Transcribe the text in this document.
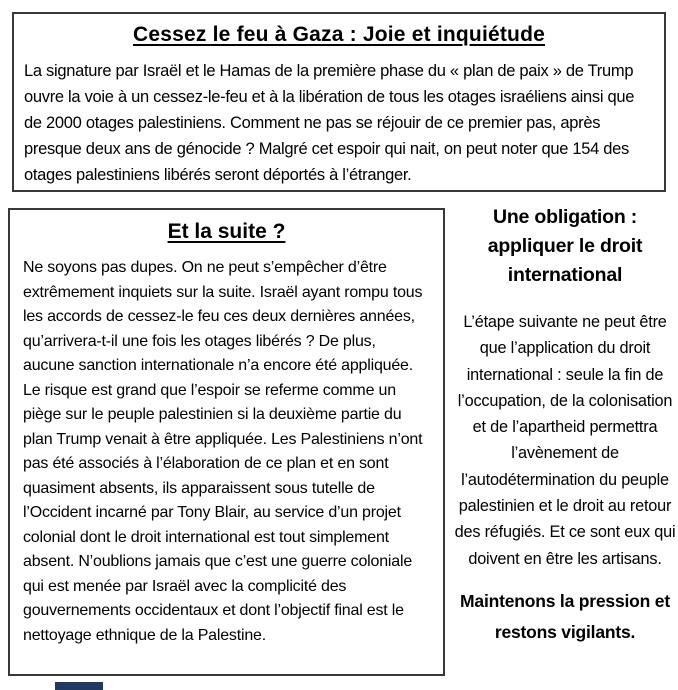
Cessez le feu à Gaza : Joie et inquiétude
La signature par Israël et le Hamas de la première phase du « plan de paix » de Trump ouvre la voie à un cessez-le-feu et à la libération de tous les otages israéliens ainsi que de 2000 otages palestiniens. Comment ne pas se réjouir de ce premier pas, après presque deux ans de génocide ? Malgré cet espoir qui nait, on peut noter que 154 des otages palestiniens libérés seront déportés à l’étranger.
Et la suite ?

Ne soyons pas dupes. On ne peut s’empêcher d’être extrêmement inquiets sur la suite. Israël ayant rompu tous les accords de cessez-le feu ces deux dernières années, qu’arrivera-t-il une fois les otages libérés ? De plus, aucune sanction internationale n’a encore été appliquée.

Le risque est grand que l’espoir se referme comme un piège sur le peuple palestinien si la deuxième partie du plan Trump venait à être appliquée. Les Palestiniens n’ont pas été associés à l’élaboration de ce plan et en sont quasiment absents, ils apparaissent sous tutelle de l’Occident incarné par Tony Blair, au service d’un projet colonial dont le droit international est tout simplement absent. N’oublions jamais que c’est une guerre coloniale qui est menée par Israël avec la complicité des gouvernements occidentaux et dont l’objectif final est le nettoyage ethnique de la Palestine.

Une obligation : appliquer le droit international
L’étape suivante ne peut être que l’application du droit international : seule la fin de l’occupation, de la colonisation et de l’apartheid permettra l’avènement de l’autodétermination du peuple palestinien et le droit au retour des réfugiés. Et ce sont eux qui doivent en être les artisans.
Maintenons la pression et restons vigilants.
